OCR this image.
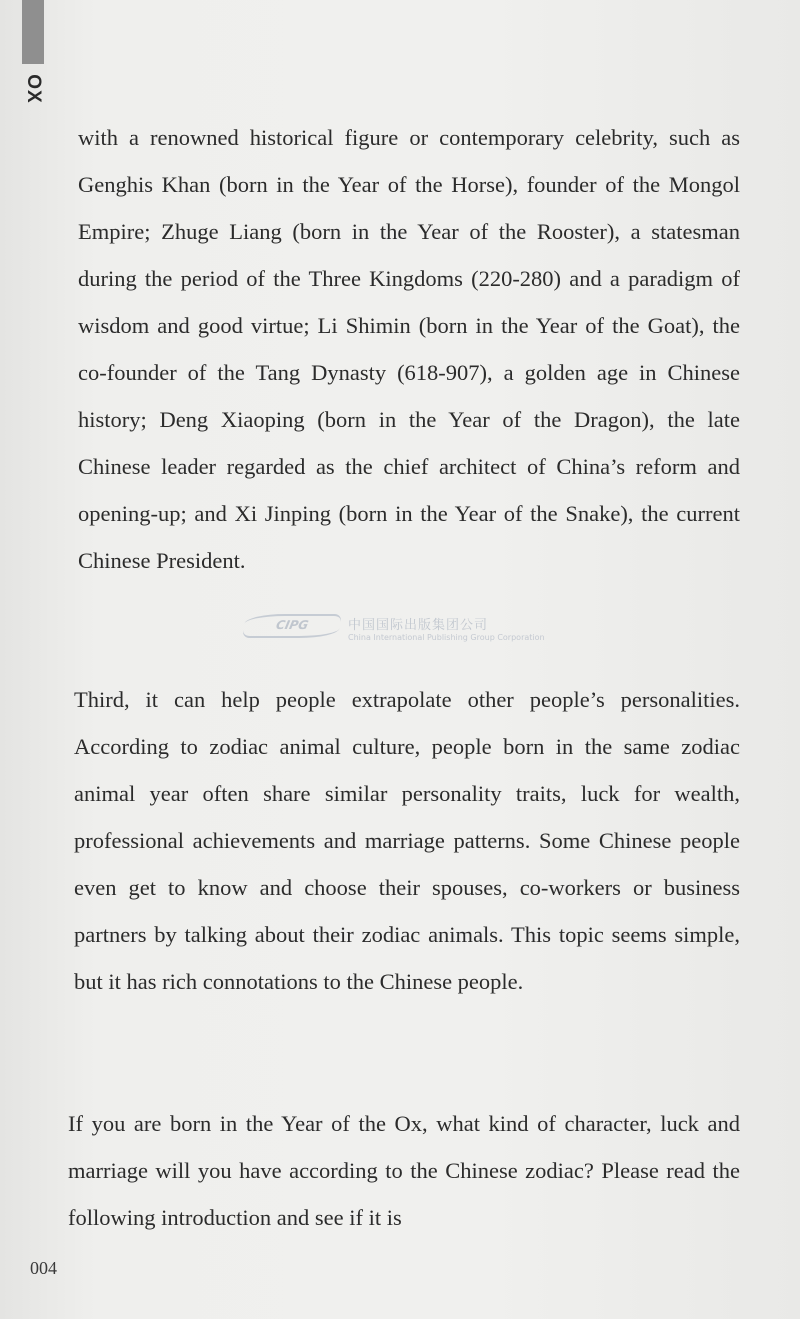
OX

with a renowned historical figure or contemporary celebrity, such as Genghis Khan (born in the Year of the Horse), founder of the Mongol Empire; Zhuge Liang (born in the Year of the Rooster), a statesman during the period of the Three Kingdoms (220-280) and a paradigm of wisdom and good virtue; Li Shimin (born in the Year of the Goat), the co-founder of the Tang Dynasty (618-907), a golden age in Chinese history; Deng Xiaoping (born in the Year of the Dragon), the late Chinese leader regarded as the chief architect of China’s reform and opening-up; and Xi Jinping (born in the Year of the Snake), the current Chinese President.

CIPG	中国国际出版集团公司
China International Publishing Group Corporation

Third, it can help people extrapolate other people’s personalities. According to zodiac animal culture, people born in the same zodiac animal year often share similar personality traits, luck for wealth, professional achievements and marriage patterns. Some Chinese people even get to know and choose their spouses, co-workers or business partners by talking about their zodiac animals. This topic seems simple, but it has rich connotations to the Chinese people.

If you are born in the Year of the Ox, what kind of character, luck and marriage will you have according to the Chinese zodiac? Please read the following introduction and see if it is

004
